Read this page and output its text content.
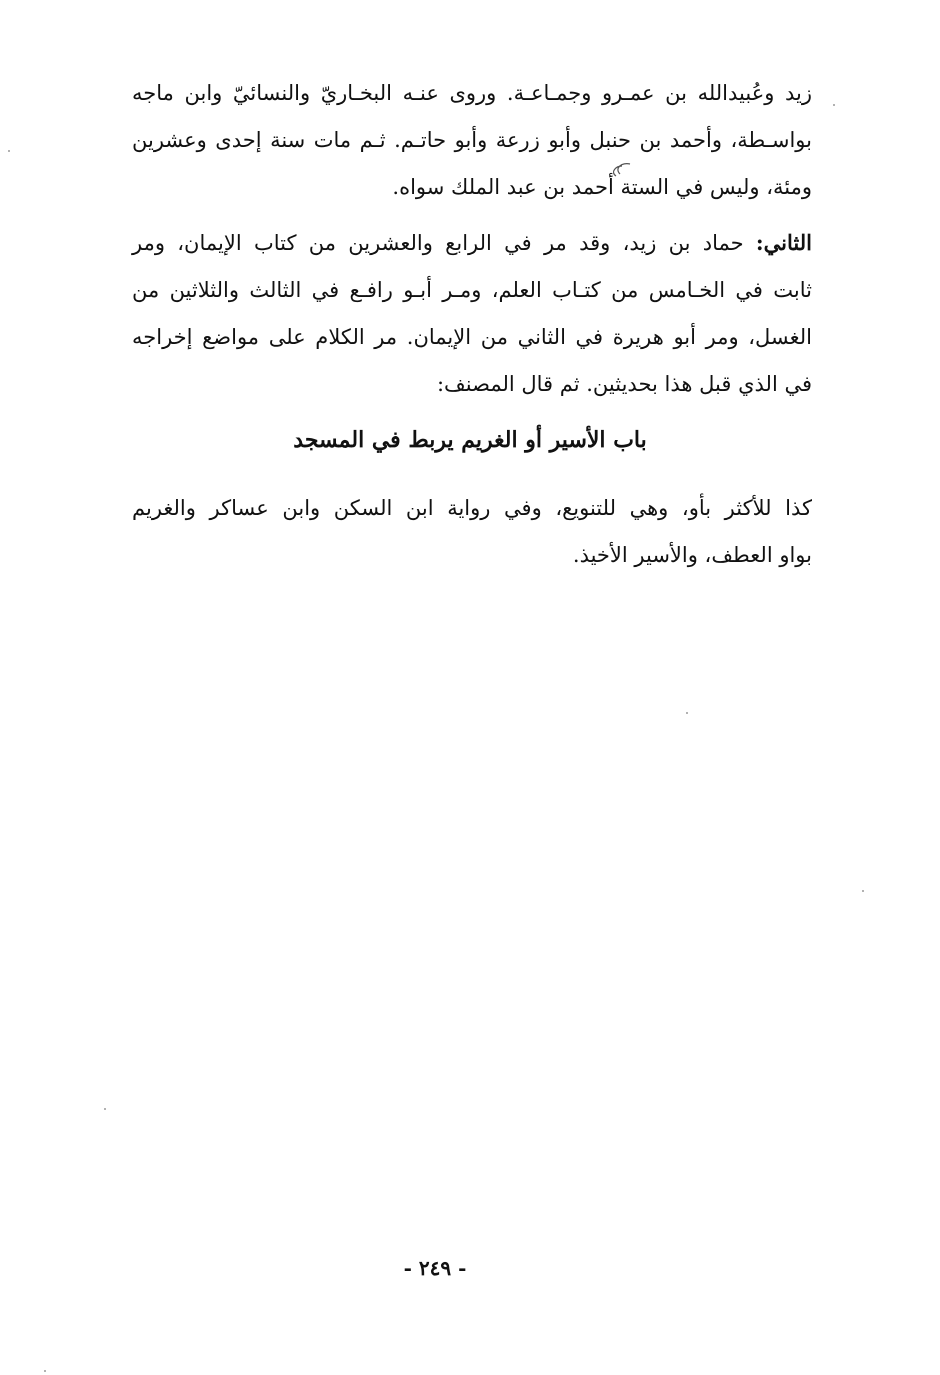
زيد وعُبيدالله بن عمـرو وجمـاعـة. وروى عنـه البخـاريّ والنسائيّ وابن ماجه
بواسـطة، وأحمد بن حنبل وأبو زرعة وأبو حاتـم. ثـم مات سنة إحدى وعشرين
ومئة، وليس في الستة أحمد بن عبد الملك سواه.
الثاني: حماد بن زيد، وقد مر في الرابع والعشرين من كتاب الإيمان، ومر
ثابت في الخـامس من كتـاب العلم، ومـر أبـو رافـع في الثالث والثلاثين من
الغسل، ومر أبو هريرة في الثاني من الإيمان. مر الكلام على مواضع إخراجه
في الذي قبل هذا بحديثين. ثم قال المصنف:
باب الأسير أو الغريم يربط في المسجد
كذا للأكثر بأو، وهي للتنويع، وفي رواية ابن السكن وابن عساكر والغريم
بواو العطف، والأسير الأخيذ.
- ٢٤٩ -
